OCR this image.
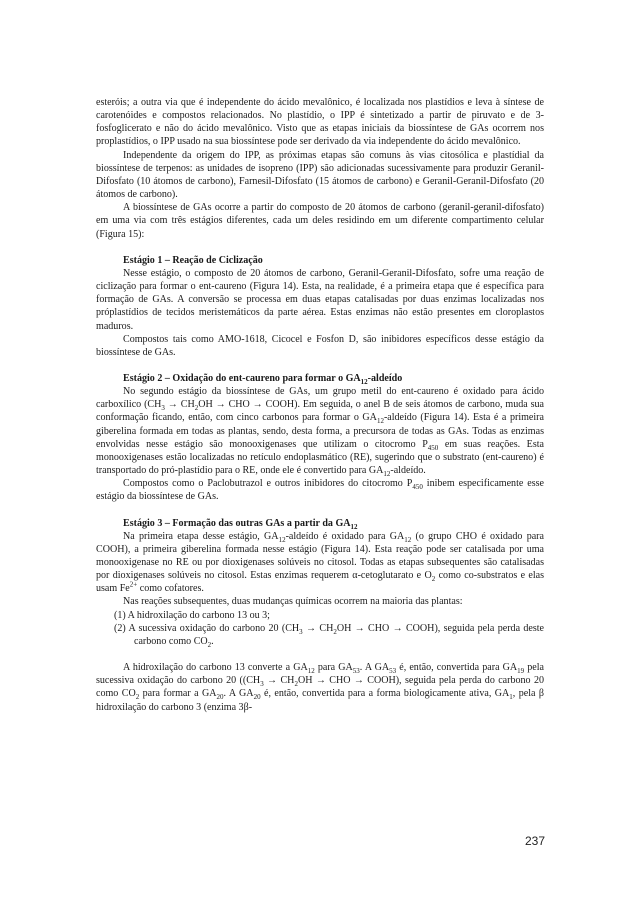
esteróis; a outra via que é independente do ácido mevalônico, é localizada nos plastídios e leva à síntese de carotenóides e compostos relacionados. No plastídio, o IPP é sintetizado a partir de piruvato e de 3-fosfoglicerato e não do ácido mevalônico. Visto que as etapas iniciais da biossíntese de GAs ocorrem nos proplastídios, o IPP usado na sua biossíntese pode ser derivado da via independente do ácido mevalônico.

Independente da origem do IPP, as próximas etapas são comuns às vias citosólica e plastídial da biossíntese de terpenos: as unidades de isopreno (IPP) são adicionadas sucessivamente para produzir Geranil-Difosfato (10 átomos de carbono), Farnesil-Difosfato (15 átomos de carbono) e Geranil-Geranil-Difosfato (20 átomos de carbono).

A biossíntese de GAs ocorre a partir do composto de 20 átomos de carbono (geranil-geranil-difosfato) em uma via com três estágios diferentes, cada um deles residindo em um diferente compartimento celular (Figura 15):

Estágio 1 – Reação de Ciclização

Nesse estágio, o composto de 20 átomos de carbono, Geranil-Geranil-Difosfato, sofre uma reação de ciclização para formar o ent-caureno (Figura 14). Esta, na realidade, é a primeira etapa que é específica para formação de GAs. A conversão se processa em duas etapas catalisadas por duas enzimas localizadas nos próplastídios de tecidos meristemáticos da parte aérea. Estas enzimas não estão presentes em cloroplastos maduros.

Compostos tais como AMO-1618, Cicocel e Fosfon D, são inibidores específicos desse estágio da biossíntese de GAs.

Estágio 2 – Oxidação do ent-caureno para formar o $GA_{12}$-aldeído

No segundo estágio da biossíntese de GAs, um grupo metil do ent-caureno é oxidado para ácido carboxílico ($CH_3 \to CH_2OH$ → CHO → COOH). Em seguida, o anel B de seis átomos de carbono, muda sua conformação ficando, então, com cinco carbonos para formar o $GA_{12}$-aldeído (Figura 14). Esta é a primeira giberelina formada em todas as plantas, sendo, desta forma, a precursora de todas as GAs. Todas as enzimas envolvidas nesse estágio são monooxigenases que utilizam o citocromo $P_{450}$ em suas reações. Esta monooxigenases estão localizadas no retículo endoplasmático (RE), sugerindo que o substrato (ent-caureno) é transportado do pró-plastídio para o RE, onde ele é convertido para $GA_{12}$-aldeído.

Compostos como o Paclobutrazol e outros inibidores do citocromo $P_{450}$ inibem especificamente esse estágio da biossíntese de GAs.

Estágio 3 – Formação das outras GAs a partir da $GA_{12}$

Na primeira etapa desse estágio, $GA_{12}$-aldeído é oxidado para $GA_{12}$ (o grupo CHO é oxidado para COOH), a primeira giberelina formada nesse estágio (Figura 14). Esta reação pode ser catalisada por uma monooxigenase no RE ou por dioxigenases solúveis no citosol. Todas as etapas subsequentes são catalisadas por dioxigenases solúveis no citosol. Estas enzimas requerem α-cetoglutarato e $O_2$ como co-substratos e elas usam $Fe^{2+}$ como cofatores.

Nas reações subsequentes, duas mudanças químicas ocorrem na maioria das plantas:

(1) A hidroxilação do carbono 13 ou 3;

(2) A sucessiva oxidação do carbono 20 ($CH_3 \to CH_2OH$ → CHO → COOH), seguida pela perda deste carbono como $CO_2$.

A hidroxilação do carbono 13 converte a $GA_{12}$ para $GA_{53}$. A $GA_{53}$ é, então, convertida para $GA_{19}$ pela sucessiva oxidação do carbono 20 (($CH_3 \to CH_2OH$ → CHO → COOH), seguida pela perda do carbono 20 como $CO_2$ para formar a $GA_{20}$. A $GA_{20}$ é, então, convertida para a forma biologicamente ativa, $GA_1$, pela β hidroxilação do carbono 3 (enzima 3β-

237
